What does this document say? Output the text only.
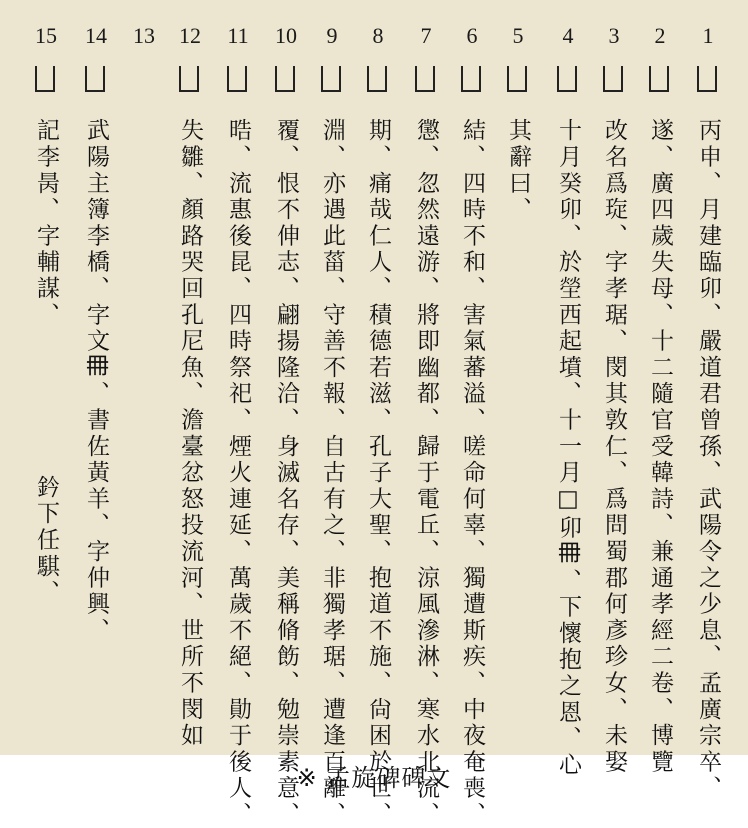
1
丙申、月建臨卯、嚴道君曾孫、武陽令之少息、孟廣宗卒、
2
遂、廣四歲失母、十二隨官受韓詩、兼通孝經二卷、博覽
3
改名爲琁、字孝琚、閔其敦仁、爲問蜀郡何彥珍女、未娶
4
十月癸卯、於塋西起墳、十一月□卯𠕋、下懷抱之恩、心
5
其辭曰、
6
結、四時不和、害氣蕃溢、嗟命何辜、獨遭斯疾、中夜奄喪、
7
懲、忽然遠游、將即幽都、歸于電丘、涼風滲淋、寒水北流、
8
期、痛哉仁人、積德若滋、孔子大聖、抱道不施、尙困於世、
9
淵、亦遇此菑、守善不報、自古有之、非獨孝琚、遭逢百離、
10
覆、恨不伸志、翩揚隆洽、身滅名存、美稱脩飭、勉崇素意、
11
晧、流惠後昆、四時祭祀、煙火連延、萬歲不絕、勛于後人、
12
失雛、顏路哭回孔尼魚、澹臺忿怒投流河、世所不閔如
13
14
武陽主簿李橋、字文𠕋、書佐黃羊、字仲興、
15
記李昺、字輔謀、　　　　　　鈐下任騏、
※ 孟旋碑碑文
